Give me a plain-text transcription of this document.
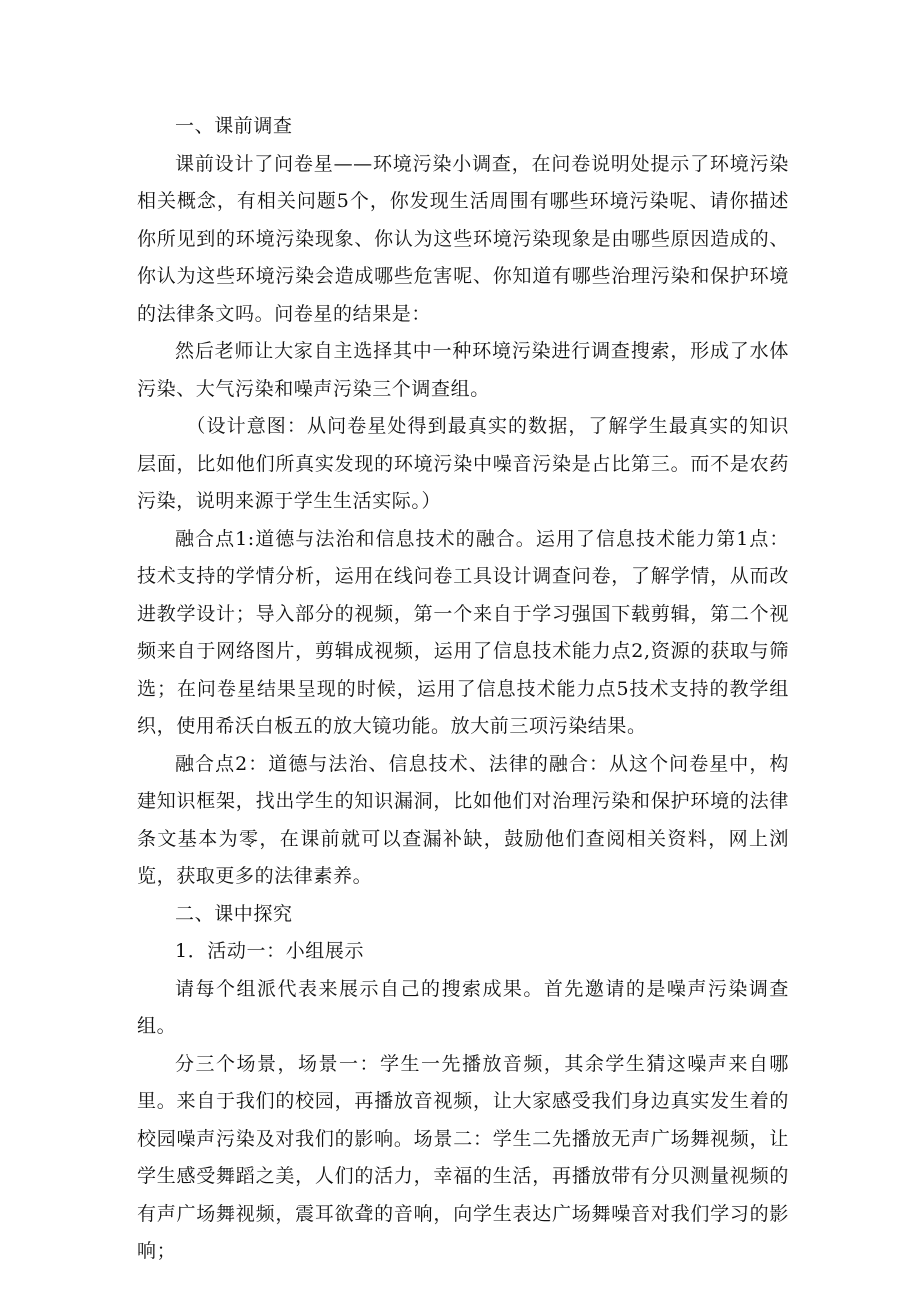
一、课前调查

课前设计了问卷星——环境污染小调查，在问卷说明处提示了环境污染相关概念，有相关问题5个，你发现生活周围有哪些环境污染呢、请你描述你所见到的环境污染现象、你认为这些环境污染现象是由哪些原因造成的、你认为这些环境污染会造成哪些危害呢、你知道有哪些治理污染和保护环境的法律条文吗。问卷星的结果是：

然后老师让大家自主选择其中一种环境污染进行调查搜索，形成了水体污染、大气污染和噪声污染三个调查组。

（设计意图：从问卷星处得到最真实的数据，了解学生最真实的知识层面，比如他们所真实发现的环境污染中噪音污染是占比第三。而不是农药污染，说明来源于学生生活实际。）

融合点1:道德与法治和信息技术的融合。运用了信息技术能力第1点：技术支持的学情分析，运用在线问卷工具设计调查问卷，了解学情，从而改进教学设计；导入部分的视频，第一个来自于学习强国下载剪辑，第二个视频来自于网络图片，剪辑成视频，运用了信息技术能力点2,资源的获取与筛选；在问卷星结果呈现的时候，运用了信息技术能力点5技术支持的教学组织，使用希沃白板五的放大镜功能。放大前三项污染结果。

融合点2：道德与法治、信息技术、法律的融合：从这个问卷星中，构建知识框架，找出学生的知识漏洞，比如他们对治理污染和保护环境的法律条文基本为零，在课前就可以查漏补缺，鼓励他们查阅相关资料，网上浏览，获取更多的法律素养。

二、课中探究

1．活动一：小组展示

请每个组派代表来展示自己的搜索成果。首先邀请的是噪声污染调查组。

分三个场景，场景一：学生一先播放音频，其余学生猜这噪声来自哪里。来自于我们的校园，再播放音视频，让大家感受我们身边真实发生着的校园噪声污染及对我们的影响。场景二：学生二先播放无声广场舞视频，让学生感受舞蹈之美，人们的活力，幸福的生活，再播放带有分贝测量视频的有声广场舞视频，震耳欲聋的音响，向学生表达广场舞噪音对我们学习的影响；
